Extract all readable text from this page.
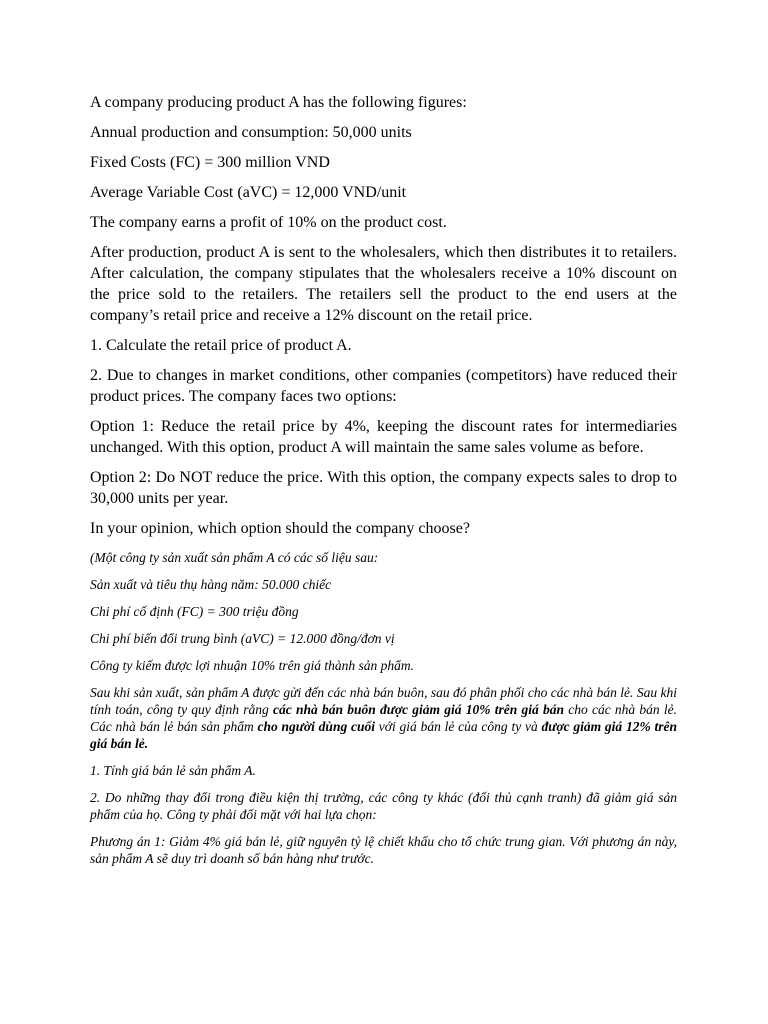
A company producing product A has the following figures:

Annual production and consumption: 50,000 units

Fixed Costs (FC) = 300 million VND

Average Variable Cost (aVC) = 12,000 VND/unit

The company earns a profit of 10% on the product cost.

After production, product A is sent to the wholesalers, which then distributes it to retailers. After calculation, the company stipulates that the wholesalers receive a 10% discount on the price sold to the retailers. The retailers sell the product to the end users at the company’s retail price and receive a 12% discount on the retail price.

1. Calculate the retail price of product A.

2. Due to changes in market conditions, other companies (competitors) have reduced their product prices. The company faces two options:

Option 1: Reduce the retail price by 4%, keeping the discount rates for intermediaries unchanged. With this option, product A will maintain the same sales volume as before.

Option 2: Do NOT reduce the price. With this option, the company expects sales to drop to 30,000 units per year.

In your opinion, which option should the company choose?

(Một công ty sản xuất sản phẩm A có các số liệu sau:

Sản xuất và tiêu thụ hàng năm: 50.000 chiếc

Chi phí cố định (FC) = 300 triệu đồng

Chi phí biến đổi trung bình (aVC) = 12.000 đồng/đơn vị

Công ty kiếm được lợi nhuận 10% trên giá thành sản phẩm.

Sau khi sản xuất, sản phẩm A được gửi đến các nhà bán buôn, sau đó phân phối cho các nhà bán lẻ. Sau khi tính toán, công ty quy định rằng các nhà bán buôn được giảm giá 10% trên giá bán cho các nhà bán lẻ. Các nhà bán lẻ bán sản phẩm cho người dùng cuối với giá bán lẻ của công ty và được giảm giá 12% trên giá bán lẻ.

1. Tính giá bán lẻ sản phẩm A.

2. Do những thay đổi trong điều kiện thị trường, các công ty khác (đối thủ cạnh tranh) đã giảm giá sản phẩm của họ. Công ty phải đối mặt với hai lựa chọn:

Phương án 1: Giảm 4% giá bán lẻ, giữ nguyên tỷ lệ chiết khấu cho tổ chức trung gian. Với phương án này, sản phẩm A sẽ duy trì doanh số bán hàng như trước.
